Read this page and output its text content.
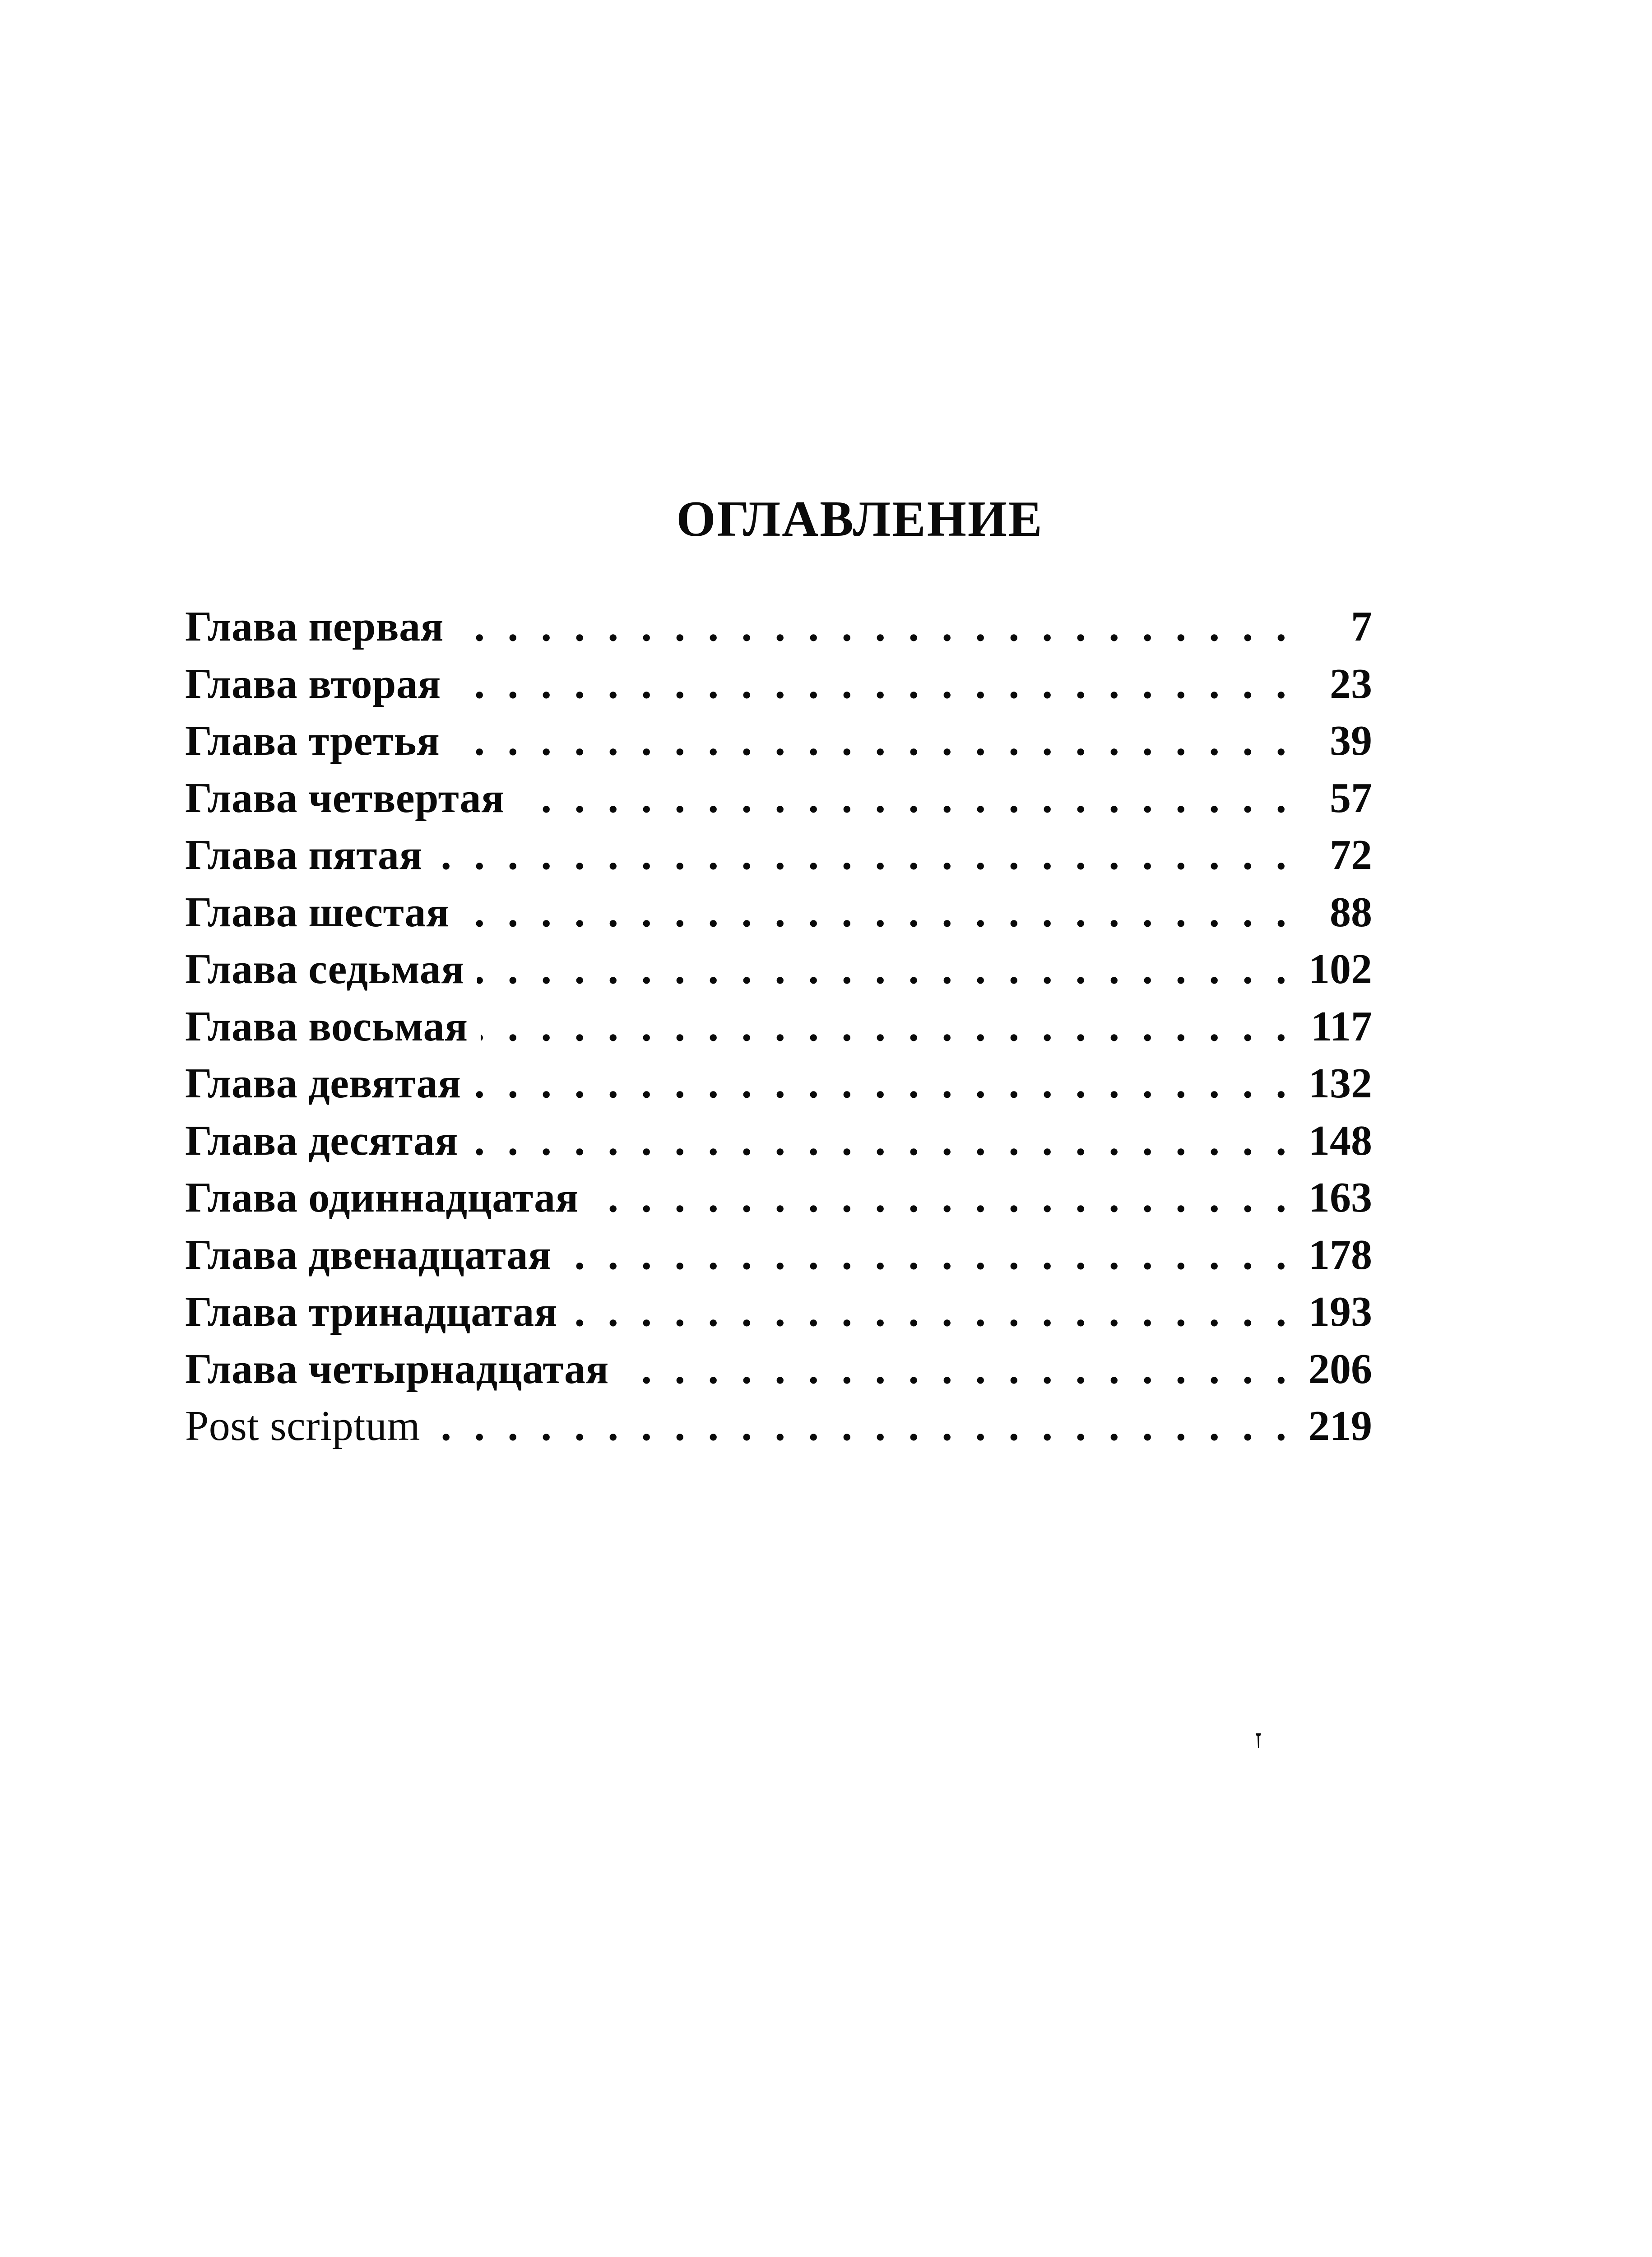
ОГЛАВЛЕНИЕ
Глава первая . . .	7
Глава вторая . . .	23
Глава третья . . .	39
Глава четвертая . . .	57
Глава пятая . . .	72
Глава шестая . . .	88
Глава седьмая . . .	102
Глава восьмая . . .	117
Глава девятая . . .	132
Глава десятая . . .	148
Глава одиннадцатая . . .	163
Глава двенадцатая . . .	178
Глава тринадцатая . . .	193
Глава четырнадцатая . . .	206
Post scriptum . . .	219
